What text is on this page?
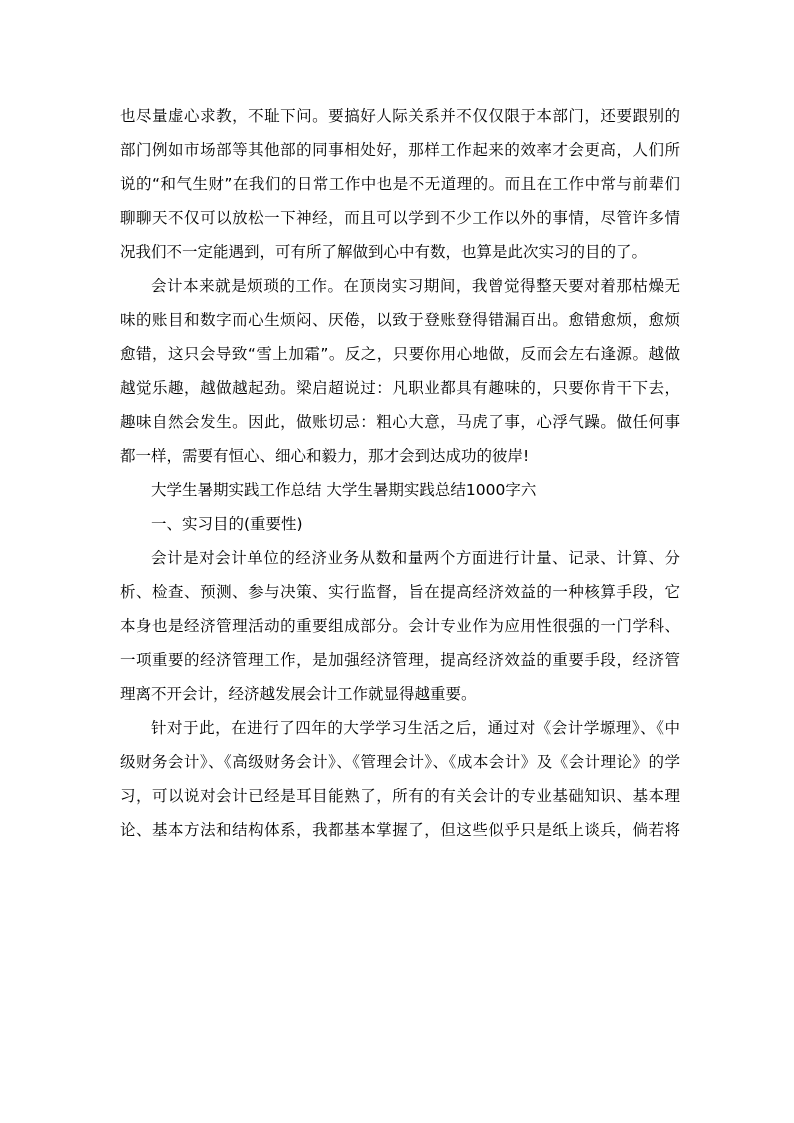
也尽量虚心求教，不耻下问。要搞好人际关系并不仅仅限于本部门，还要跟别的
部门例如市场部等其他部的同事相处好，那样工作起来的效率才会更高，人们所
说的“和气生财”在我们的日常工作中也是不无道理的。而且在工作中常与前辈们
聊聊天不仅可以放松一下神经，而且可以学到不少工作以外的事情，尽管许多情
况我们不一定能遇到，可有所了解做到心中有数，也算是此次实习的目的了。
会计本来就是烦琐的工作。在顶岗实习期间，我曾觉得整天要对着那枯燥无
味的账目和数字而心生烦闷、厌倦，以致于登账登得错漏百出。愈错愈烦，愈烦
愈错，这只会导致“雪上加霜”。反之，只要你用心地做，反而会左右逢源。越做
越觉乐趣，越做越起劲。梁启超说过：凡职业都具有趣味的，只要你肯干下去，
趣味自然会发生。因此，做账切忌：粗心大意，马虎了事，心浮气躁。做任何事
都一样，需要有恒心、细心和毅力，那才会到达成功的彼岸!
大学生暑期实践工作总结 大学生暑期实践总结1000字六
一、实习目的(重要性)
会计是对会计单位的经济业务从数和量两个方面进行计量、记录、计算、分
析、检查、预测、参与决策、实行监督，旨在提高经济效益的一种核算手段，它
本身也是经济管理活动的重要组成部分。会计专业作为应用性很强的一门学科、
一项重要的经济管理工作，是加强经济管理，提高经济效益的重要手段，经济管
理离不开会计，经济越发展会计工作就显得越重要。
针对于此，在进行了四年的大学学习生活之后，通过对《会计学塬理》、《中
级财务会计》、《高级财务会计》、《管理会计》、《成本会计》及《会计理论》的学
习，可以说对会计已经是耳目能熟了，所有的有关会计的专业基础知识、基本理
论、基本方法和结构体系，我都基本掌握了，但这些似乎只是纸上谈兵，倘若将
